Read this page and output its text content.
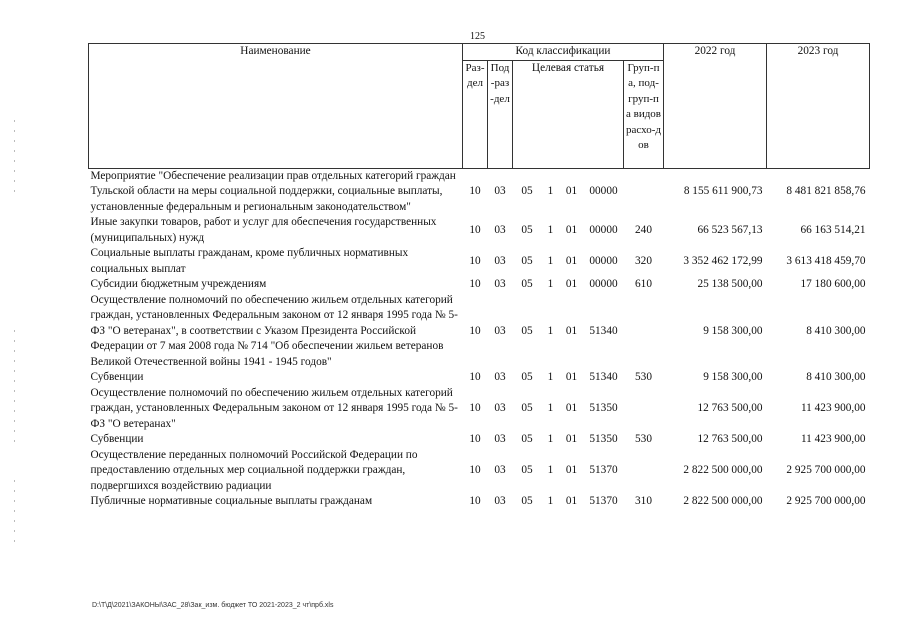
125
Наименование	Код классификации							2022 год	2023 год
	Раз-дел	Под-раз-дел	Целевая статья				Груп-па, под-груп-па видов расхо-дов		
Мероприятие "Обеспечение реализации прав отдельных категорий граждан Тульской области на меры социальной поддержки, социальные выплаты, установленные федеральным и региональным законодательством"	10	03	05	1	01	00000		8 155 611 900,73	8 481 821 858,76
Иные закупки товаров, работ и услуг для обеспечения государственных (муниципальных) нужд	10	03	05	1	01	00000	240	66 523 567,13	66 163 514,21
Социальные выплаты гражданам, кроме публичных нормативных социальных выплат	10	03	05	1	01	00000	320	3 352 462 172,99	3 613 418 459,70
Субсидии бюджетным учреждениям	10	03	05	1	01	00000	610	25 138 500,00	17 180 600,00
Осуществление полномочий по обеспечению жильем отдельных категорий граждан, установленных Федеральным законом от 12 января 1995 года № 5-ФЗ "О ветеранах", в соответствии с Указом Президента Российской Федерации от 7 мая 2008 года № 714 "Об обеспечении жильем ветеранов Великой Отечественной войны 1941 - 1945 годов"	10	03	05	1	01	51340		9 158 300,00	8 410 300,00
Субвенции	10	03	05	1	01	51340	530	9 158 300,00	8 410 300,00
Осуществление полномочий по обеспечению жильем отдельных категорий граждан, установленных Федеральным законом от 12 января 1995 года № 5-ФЗ "О ветеранах"	10	03	05	1	01	51350		12 763 500,00	11 423 900,00
Субвенции	10	03	05	1	01	51350	530	12 763 500,00	11 423 900,00
Осуществление переданных полномочий Российской Федерации по предоставлению отдельных мер социальной поддержки граждан, подвергшихся воздействию радиации	10	03	05	1	01	51370		2 822 500 000,00	2 925 700 000,00
Публичные нормативные социальные выплаты гражданам	10	03	05	1	01	51370	310	2 822 500 000,00	2 925 700 000,00
D:\Т\Д\2021\ЗАКОНЫ\ЗАС_28\Зак_изм. бюджет ТО 2021-2023_2 чт\прб.xls
